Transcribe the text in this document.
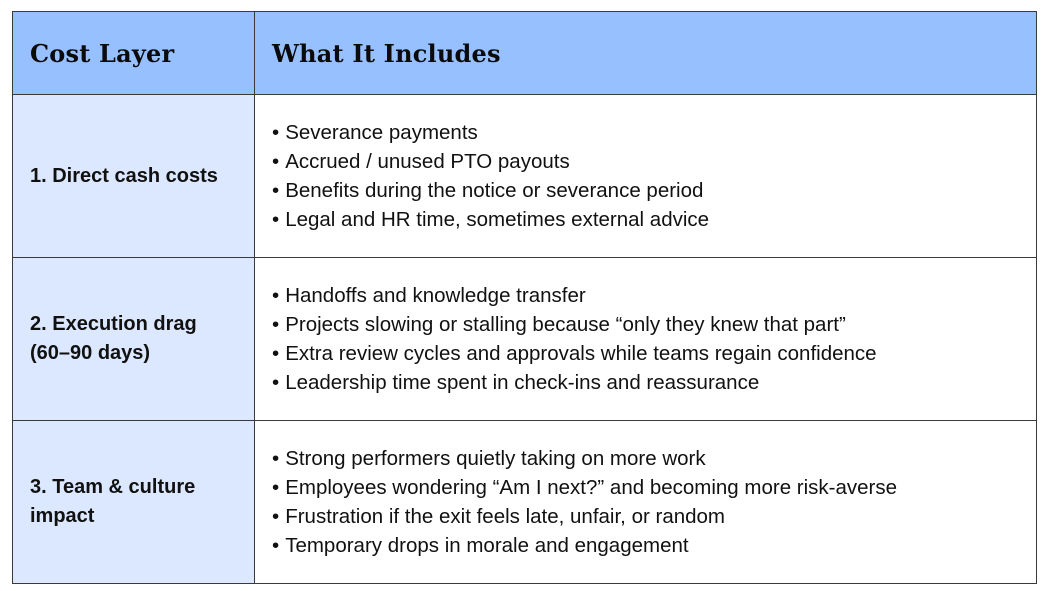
Cost Layer	What It Includes
1. Direct cash costs
• Severance payments
• Accrued / unused PTO payouts
• Benefits during the notice or severance period
• Legal and HR time, sometimes external advice
2. Execution drag (60–90 days)
• Handoffs and knowledge transfer
• Projects slowing or stalling because “only they knew that part”
• Extra review cycles and approvals while teams regain confidence
• Leadership time spent in check-ins and reassurance
3. Team & culture impact
• Strong performers quietly taking on more work
• Employees wondering “Am I next?” and becoming more risk-averse
• Frustration if the exit feels late, unfair, or random
• Temporary drops in morale and engagement
